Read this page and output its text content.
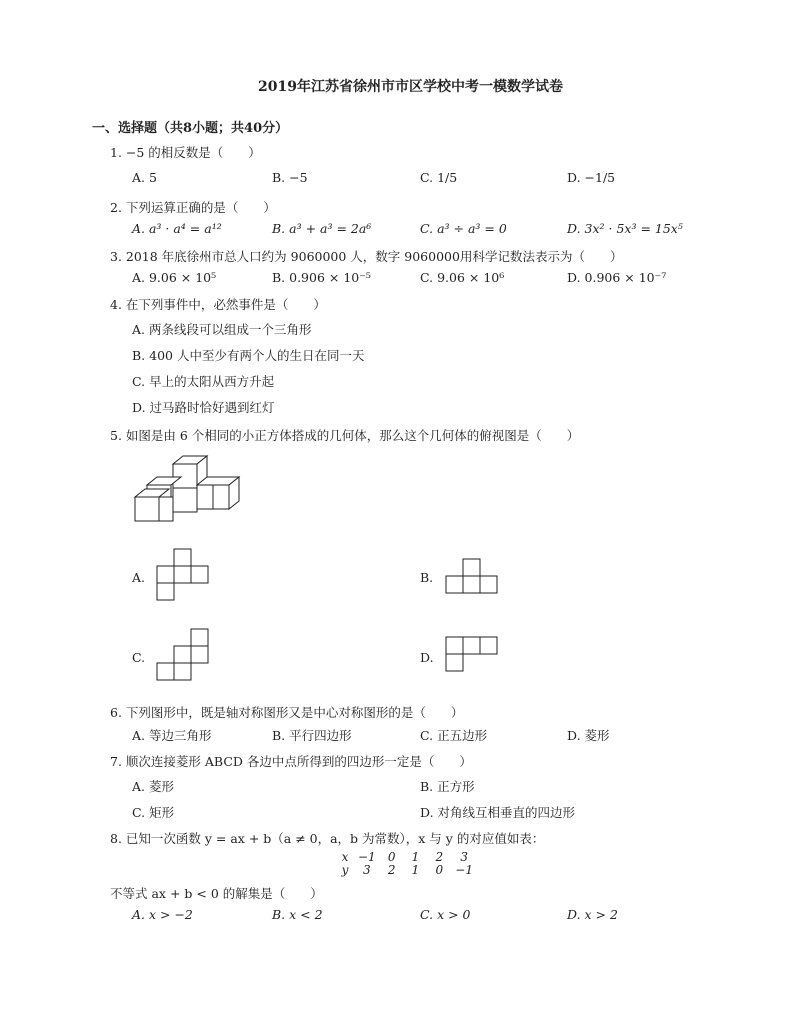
2019年江苏省徐州市市区学校中考一模数学试卷
一、选择题（共8小题；共40分）
1. −5 的相反数是（　　）
A. 5	B. −5	C. 1/5	D. −1/5
2. 下列运算正确的是（　　）
A. a³ · a⁴ = a¹²	B. a³ + a³ = 2a⁶	C. a³ ÷ a³ = 0	D. 3x² · 5x³ = 15x⁵
3. 2018 年底徐州市总人口约为 9060000 人，数字 9060000用科学记数法表示为（　　）
A. 9.06 × 10⁵	B. 0.906 × 10⁻⁵	C. 9.06 × 10⁶	D. 0.906 × 10⁻⁷
4. 在下列事件中，必然事件是（　　）
A. 两条线段可以组成一个三角形
B. 400 人中至少有两个人的生日在同一天
C. 早上的太阳从西方升起
D. 过马路时恰好遇到红灯
5. 如图是由 6 个相同的小正方体搭成的几何体，那么这个几何体的俯视图是（　　）
A.	B.
C.	D.
6. 下列图形中，既是轴对称图形又是中心对称图形的是（　　）
A. 等边三角形	B. 平行四边形	C. 正五边形	D. 菱形
7. 顺次连接菱形 ABCD 各边中点所得到的四边形一定是（　　）
A. 菱形	B. 正方形
C. 矩形	D. 对角线互相垂直的四边形
8. 已知一次函数 y = ax + b（a ≠ 0，a，b 为常数），x 与 y 的对应值如表：
x −1 0 1 2 3
y 3 2 1 0 −1
不等式 ax + b < 0 的解集是（　　）
A. x > −2	B. x < 2	C. x > 0	D. x > 2
